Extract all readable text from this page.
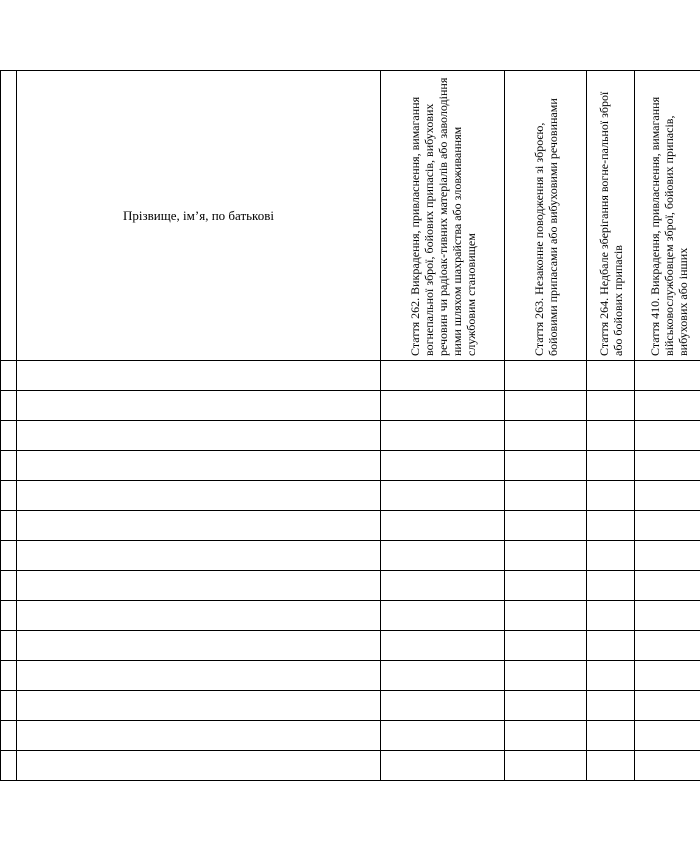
	Прізвище, ім’я, по батькові	Стаття 262. Викрадення, привласнення, вимагання вогнепальної зброї, бойових припасів, вибухових речовин чи радіоак-тивних матеріалів або заволодіння ними шляхом шахрайства або зловживанням службовим становищем	Стаття 263. Незаконне поводження зі зброєю, бойовими припасами або вибуховими речовинами	Стаття 264. Недбале зберігання вогне-пальної зброї або бойових припасів	Стаття 410. Викрадення, привласнення, вимагання військовослужбовцем зброї, бойових припасів, вибухових або інших
